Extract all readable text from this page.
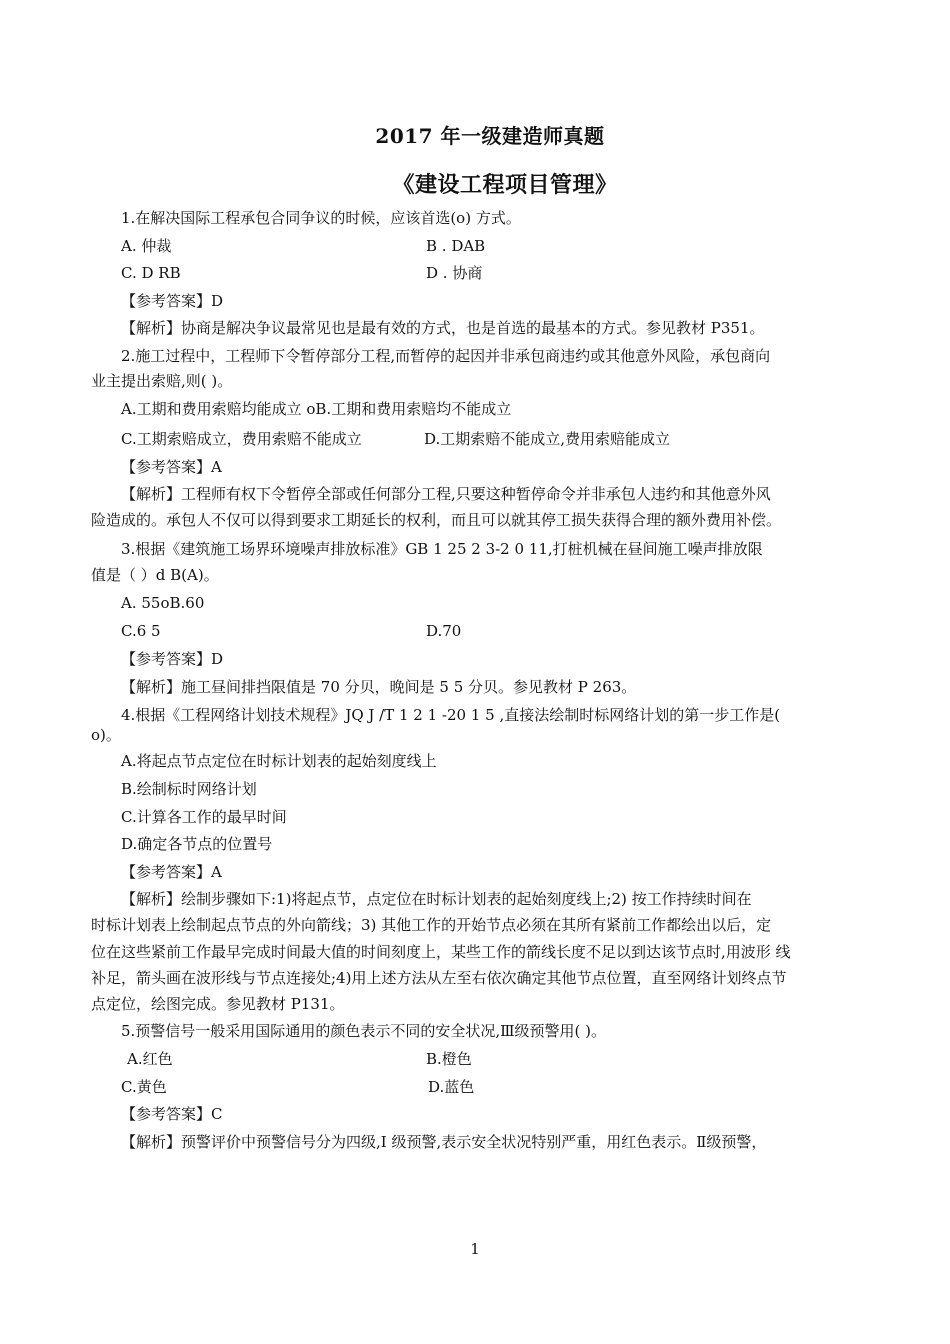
2017 年一级建造师真题
《建设工程项目管理》
1.在解决国际工程承包合同争议的时候，应该首选(o) 方式。
A. 仲裁	B . DAB
C. D RB	D . 协商
【参考答案】D
【解析】协商是解决争议最常见也是最有效的方式，也是首选的最基本的方式。参见教材 P351。
2.施工过程中，工程师下令暂停部分工程,而暂停的起因并非承包商违约或其他意外风险，承包商向
业主提出索赔,则( )。
A.工期和费用索赔均能成立 oB.工期和费用索赔均不能成立
C.工期索赔成立，费用索赔不能成立	D.工期索赔不能成立,费用索赔能成立
【参考答案】A
【解析】工程师有权下令暂停全部或任何部分工程,只要这种暂停命令并非承包人违约和其他意外风
险造成的。承包人不仅可以得到要求工期延长的权利，而且可以就其停工损失获得合理的额外费用补偿。
3.根据《建筑施工场界环境噪声排放标准》GB 1 25 2 3-2 0 11,打桩机械在昼间施工噪声排放限
值是（ ）d B(A)。
A. 55oB.60
C.6 5	D.70
【参考答案】D
【解析】施工昼间排挡限值是 70 分贝，晚间是 5 5 分贝。参见教材 P 263。
4.根据《工程网络计划技术规程》JQ J /T 1 2 1 -20 1 5 ,直接法绘制时标网络计划的第一步工作是(
o)。
A.将起点节点定位在时标计划表的起始刻度线上
B.绘制标时网络计划
C.计算各工作的最早时间
D.确定各节点的位置号
【参考答案】A
【解析】绘制步骤如下:1)将起点节，点定位在时标计划表的起始刻度线上;2) 按工作持续时间在
时标计划表上绘制起点节点的外向箭线；3) 其他工作的开始节点必须在其所有紧前工作都绘出以后，定
位在这些紧前工作最早完成时间最大值的时间刻度上，某些工作的箭线长度不足以到达该节点时,用波形 线
补足，箭头画在波形线与节点连接处;4)用上述方法从左至右依次确定其他节点位置，直至网络计划终点节
点定位，绘图完成。参见教材 P131。
5.预警信号一般采用国际通用的颜色表示不同的安全状况,Ⅲ级预警用( )。
A.红色	B.橙色
C.黄色	D.蓝色
【参考答案】C
【解析】预警评价中预警信号分为四级,Ⅰ 级预警,表示安全状况特别严重，用红色表示。Ⅱ级预警，
1
